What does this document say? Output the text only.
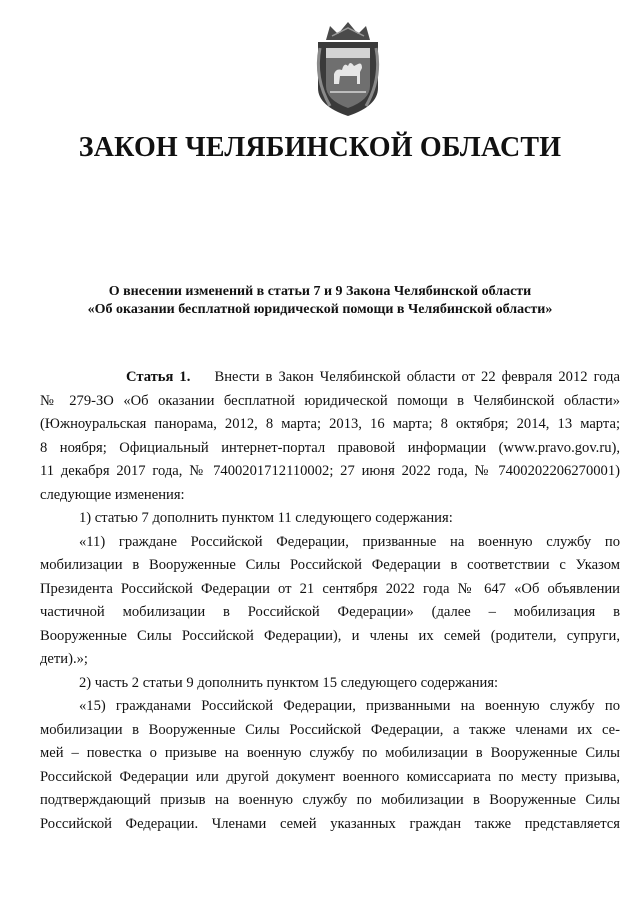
ЗАКОН ЧЕЛЯБИНСКОЙ ОБЛАСТИ
О внесении изменений в статьи 7 и 9 Закона Челябинской области
«Об оказании бесплатной юридической помощи в Челябинской области»
Статья 1. Внести в Закон Челябинской области от 22 февраля 2012 года
№ 279-ЗО «Об оказании бесплатной юридической помощи в Челябинской области»
(Южноуральская панорама, 2012, 8 марта; 2013, 16 марта; 8 октября; 2014, 13 марта;
8 ноября; Официальный интернет-портал правовой информации (www.pravo.gov.ru),
11 декабря 2017 года, № 7400201712110002; 27 июня 2022 года, № 7400202206270001)
следующие изменения:
1) статью 7 дополнить пунктом 11 следующего содержания:
«11) граждане Российской Федерации, призванные на военную службу по
мобилизации в Вооруженные Силы Российской Федерации в соответствии с Указом
Президента Российской Федерации от 21 сентября 2022 года № 647 «Об объявлении
частичной мобилизации в Российской Федерации» (далее – мобилизация в
Вооруженные Силы Российской Федерации), и члены их семей (родители, супруги,
дети).»;
2) часть 2 статьи 9 дополнить пунктом 15 следующего содержания:
«15) гражданами Российской Федерации, призванными на военную службу по
мобилизации в Вооруженные Силы Российской Федерации, а также членами их се-
мей – повестка о призыве на военную службу по мобилизации в Вооруженные Силы
Российской Федерации или другой документ военного комиссариата по месту призыва,
подтверждающий призыв на военную службу по мобилизации в Вооруженные Силы
Российской Федерации. Членами семей указанных граждан также представляется
